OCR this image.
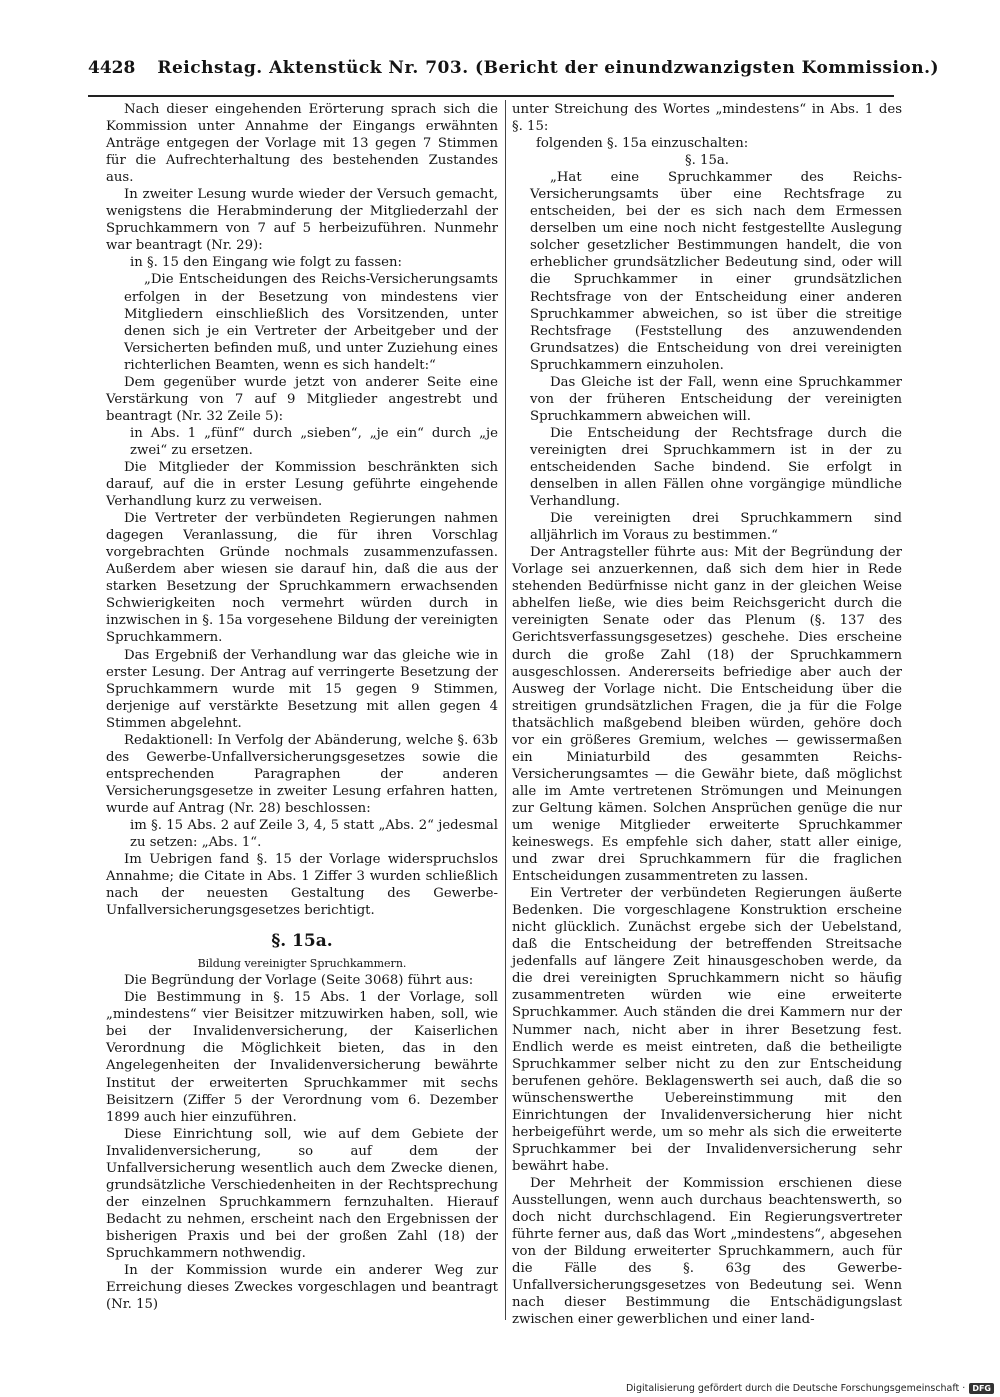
4428 Reichstag. Aktenstück Nr. 703. (Bericht der einundzwanzigsten Kommission.)

Nach dieser eingehenden Erörterung sprach sich die Kommission unter Annahme der Eingangs erwähnten Anträge entgegen der Vorlage mit 13 gegen 7 Stimmen für die Aufrechterhaltung des bestehenden Zustandes aus.

In zweiter Lesung wurde wieder der Versuch gemacht, wenigstens die Herabminderung der Mitgliederzahl der Spruchkammern von 7 auf 5 herbeizuführen. Nunmehr war beantragt (Nr. 29):

in §. 15 den Eingang wie folgt zu fassen:

„Die Entscheidungen des Reichs-Versicherungsamts erfolgen in der Besetzung von mindestens vier Mitgliedern einschließlich des Vorsitzenden, unter denen sich je ein Vertreter der Arbeitgeber und der Versicherten befinden muß, und unter Zuziehung eines richterlichen Beamten, wenn es sich handelt:“

Dem gegenüber wurde jetzt von anderer Seite eine Verstärkung von 7 auf 9 Mitglieder angestrebt und beantragt (Nr. 32 Zeile 5):

in Abs. 1 „fünf“ durch „sieben“, „je ein“ durch „je zwei“ zu ersetzen.

Die Mitglieder der Kommission beschränkten sich darauf, auf die in erster Lesung geführte eingehende Verhandlung kurz zu verweisen.

Die Vertreter der verbündeten Regierungen nahmen dagegen Veranlassung, die für ihren Vorschlag vorgebrachten Gründe nochmals zusammenzufassen. Außerdem aber wiesen sie darauf hin, daß die aus der starken Besetzung der Spruchkammern erwachsenden Schwierigkeiten noch vermehrt würden durch in inzwischen in §. 15a vorgesehene Bildung der vereinigten Spruchkammern.

Das Ergebniß der Verhandlung war das gleiche wie in erster Lesung. Der Antrag auf verringerte Besetzung der Spruchkammern wurde mit 15 gegen 9 Stimmen, derjenige auf verstärkte Besetzung mit allen gegen 4 Stimmen abgelehnt.

Redaktionell: In Verfolg der Abänderung, welche §. 63b des Gewerbe-Unfallversicherungsgesetzes sowie die entsprechenden Paragraphen der anderen Versicherungsgesetze in zweiter Lesung erfahren hatten, wurde auf Antrag (Nr. 28) beschlossen:

im §. 15 Abs. 2 auf Zeile 3, 4, 5 statt „Abs. 2“ jedesmal zu setzen: „Abs. 1“.

Im Uebrigen fand §. 15 der Vorlage widerspruchslos Annahme; die Citate in Abs. 1 Ziffer 3 wurden schließlich nach der neuesten Gestaltung des Gewerbe-Unfallversicherungsgesetzes berichtigt.

§. 15a.

Bildung vereinigter Spruchkammern.

Die Begründung der Vorlage (Seite 3068) führt aus:

Die Bestimmung in §. 15 Abs. 1 der Vorlage, soll „mindestens“ vier Beisitzer mitzuwirken haben, soll, wie bei der Invalidenversicherung, der Kaiserlichen Verordnung die Möglichkeit bieten, das in den Angelegenheiten der Invalidenversicherung bewährte Institut der erweiterten Spruchkammer mit sechs Beisitzern (Ziffer 5 der Verordnung vom 6. Dezember 1899 auch hier einzuführen.

Diese Einrichtung soll, wie auf dem Gebiete der Invalidenversicherung, so auf dem der Unfallversicherung wesentlich auch dem Zwecke dienen, grundsätzliche Verschiedenheiten in der Rechtsprechung der einzelnen Spruchkammern fernzuhalten. Hierauf Bedacht zu nehmen, erscheint nach den Ergebnissen der bisherigen Praxis und bei der großen Zahl (18) der Spruchkammern nothwendig.

In der Kommission wurde ein anderer Weg zur Erreichung dieses Zweckes vorgeschlagen und beantragt (Nr. 15)

unter Streichung des Wortes „mindestens“ in Abs. 1 des §. 15:

folgenden §. 15a einzuschalten:

§. 15a.

„Hat eine Spruchkammer des Reichs-Versicherungsamts über eine Rechtsfrage zu entscheiden, bei der es sich nach dem Ermessen derselben um eine noch nicht festgestellte Auslegung solcher gesetzlicher Bestimmungen handelt, die von erheblicher grundsätzlicher Bedeutung sind, oder will die Spruchkammer in einer grundsätzlichen Rechtsfrage von der Entscheidung einer anderen Spruchkammer abweichen, so ist über die streitige Rechtsfrage (Feststellung des anzuwendenden Grundsatzes) die Entscheidung von drei vereinigten Spruchkammern einzuholen.

Das Gleiche ist der Fall, wenn eine Spruchkammer von der früheren Entscheidung der vereinigten Spruchkammern abweichen will.

Die Entscheidung der Rechtsfrage durch die vereinigten drei Spruchkammern ist in der zu entscheidenden Sache bindend. Sie erfolgt in denselben in allen Fällen ohne vorgängige mündliche Verhandlung.

Die vereinigten drei Spruchkammern sind alljährlich im Voraus zu bestimmen.“

Der Antragsteller führte aus: Mit der Begründung der Vorlage sei anzuerkennen, daß sich dem hier in Rede stehenden Bedürfnisse nicht ganz in der gleichen Weise abhelfen ließe, wie dies beim Reichsgericht durch die vereinigten Senate oder das Plenum (§. 137 des Gerichtsverfassungsgesetzes) geschehe. Dies erscheine durch die große Zahl (18) der Spruchkammern ausgeschlossen. Andererseits befriedige aber auch der Ausweg der Vorlage nicht. Die Entscheidung über die streitigen grundsätzlichen Fragen, die ja für die Folge thatsächlich maßgebend bleiben würden, gehöre doch vor ein größeres Gremium, welches — gewissermaßen ein Miniaturbild des gesammten Reichs-Versicherungsamtes — die Gewähr biete, daß möglichst alle im Amte vertretenen Strömungen und Meinungen zur Geltung kämen. Solchen Ansprüchen genüge die nur um wenige Mitglieder erweiterte Spruchkammer keineswegs. Es empfehle sich daher, statt aller einige, und zwar drei Spruchkammern für die fraglichen Entscheidungen zusammentreten zu lassen.

Ein Vertreter der verbündeten Regierungen äußerte Bedenken. Die vorgeschlagene Konstruktion erscheine nicht glücklich. Zunächst ergebe sich der Uebelstand, daß die Entscheidung der betreffenden Streitsache jedenfalls auf längere Zeit hinausgeschoben werde, da die drei vereinigten Spruchkammern nicht so häufig zusammentreten würden wie eine erweiterte Spruchkammer. Auch ständen die drei Kammern nur der Nummer nach, nicht aber in ihrer Besetzung fest. Endlich werde es meist eintreten, daß die betheiligte Spruchkammer selber nicht zu den zur Entscheidung berufenen gehöre. Beklagenswerth sei auch, daß die so wünschenswerthe Uebereinstimmung mit den Einrichtungen der Invalidenversicherung hier nicht herbeigeführt werde, um so mehr als sich die erweiterte Spruchkammer bei der Invalidenversicherung sehr bewährt habe.

Der Mehrheit der Kommission erschienen diese Ausstellungen, wenn auch durchaus beachtenswerth, so doch nicht durchschlagend. Ein Regierungsvertreter führte ferner aus, daß das Wort „mindestens“, abgesehen von der Bildung erweiterter Spruchkammern, auch für die Fälle des §. 63g des Gewerbe-Unfallversicherungsgesetzes von Bedeutung sei. Wenn nach dieser Bestimmung die Entschädigungslast zwischen einer gewerblichen und einer land-

Digitalisierung gefördert durch die Deutsche Forschungsgemeinschaft · DFG
